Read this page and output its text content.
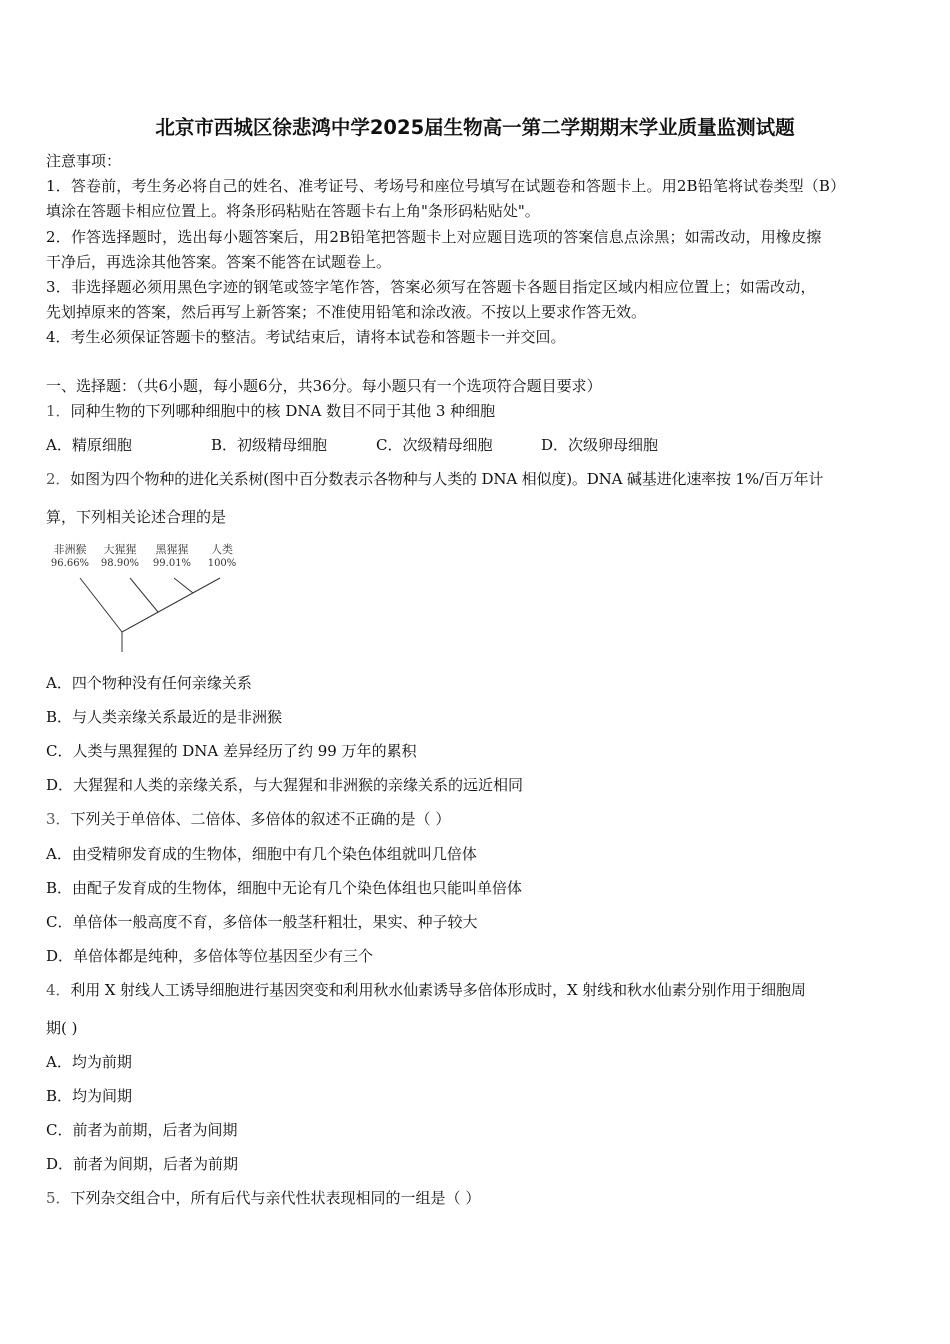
北京市西城区徐悲鸿中学2025届生物高一第二学期期末学业质量监测试题
注意事项：
1．答卷前，考生务必将自己的姓名、准考证号、考场号和座位号填写在试题卷和答题卡上。用2B铅笔将试卷类型（B）
填涂在答题卡相应位置上。将条形码粘贴在答题卡右上角"条形码粘贴处"。
2．作答选择题时，选出每小题答案后，用2B铅笔把答题卡上对应题目选项的答案信息点涂黑；如需改动，用橡皮擦
干净后，再选涂其他答案。答案不能答在试题卷上。
3．非选择题必须用黑色字迹的钢笔或签字笔作答，答案必须写在答题卡各题目指定区域内相应位置上；如需改动，
先划掉原来的答案，然后再写上新答案；不准使用铅笔和涂改液。不按以上要求作答无效。
4．考生必须保证答题卡的整洁。考试结束后，请将本试卷和答题卡一并交回。
一、选择题：（共6小题，每小题6分，共36分。每小题只有一个选项符合题目要求）
1．同种生物的下列哪种细胞中的核 DNA 数目不同于其他 3 种细胞
A．精原细胞	B．初级精母细胞	C．次级精母细胞	D．次级卵母细胞
2．如图为四个物种的进化关系树(图中百分数表示各物种与人类的 DNA 相似度)。DNA 碱基进化速率按 1%/百万年计
算，下列相关论述合理的是
非洲猴 大猩猩 黑猩猩 人类
96.66% 98.90% 99.01% 100%
A．四个物种没有任何亲缘关系
B．与人类亲缘关系最近的是非洲猴
C．人类与黑猩猩的 DNA 差异经历了约 99 万年的累积
D．大猩猩和人类的亲缘关系，与大猩猩和非洲猴的亲缘关系的远近相同
3．下列关于单倍体、二倍体、多倍体的叙述不正确的是（ ）
A．由受精卵发育成的生物体，细胞中有几个染色体组就叫几倍体
B．由配子发育成的生物体，细胞中无论有几个染色体组也只能叫单倍体
C．单倍体一般高度不育，多倍体一般茎秆粗壮，果实、种子较大
D．单倍体都是纯种，多倍体等位基因至少有三个
4．利用 X 射线人工诱导细胞进行基因突变和利用秋水仙素诱导多倍体形成时，X 射线和秋水仙素分别作用于细胞周
期( )
A．均为前期
B．均为间期
C．前者为前期，后者为间期
D．前者为间期，后者为前期
5．下列杂交组合中，所有后代与亲代性状表现相同的一组是（ ）
